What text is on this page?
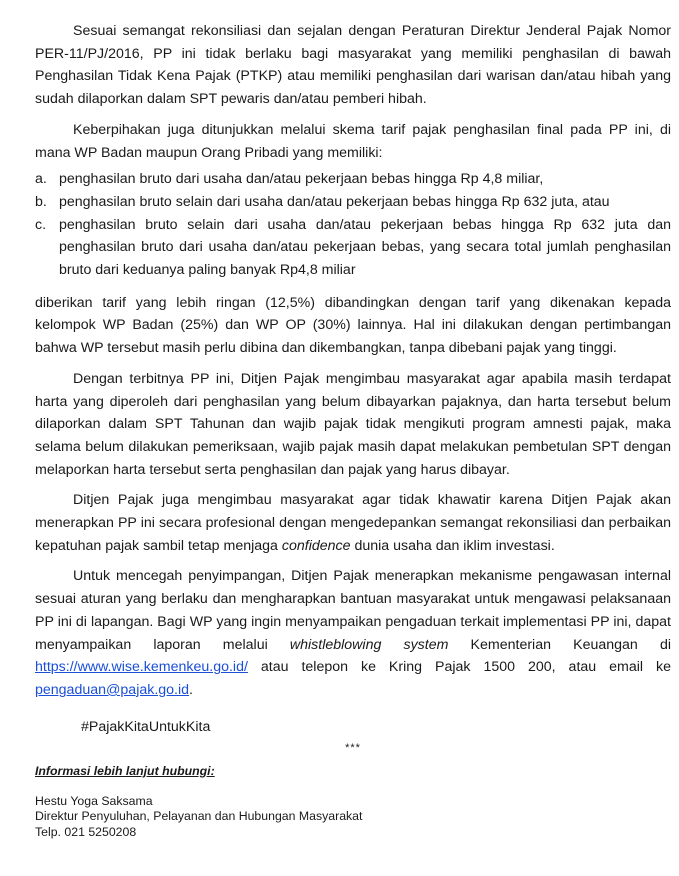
Sesuai semangat rekonsiliasi dan sejalan dengan Peraturan Direktur Jenderal Pajak Nomor PER-11/PJ/2016, PP ini tidak berlaku bagi masyarakat yang memiliki penghasilan di bawah Penghasilan Tidak Kena Pajak (PTKP) atau memiliki penghasilan dari warisan dan/atau hibah yang sudah dilaporkan dalam SPT pewaris dan/atau pemberi hibah.

Keberpihakan juga ditunjukkan melalui skema tarif pajak penghasilan final pada PP ini, di mana WP Badan maupun Orang Pribadi yang memiliki:

a. penghasilan bruto dari usaha dan/atau pekerjaan bebas hingga Rp 4,8 miliar,
b. penghasilan bruto selain dari usaha dan/atau pekerjaan bebas hingga Rp 632 juta, atau
c. penghasilan bruto selain dari usaha dan/atau pekerjaan bebas hingga Rp 632 juta dan penghasilan bruto dari usaha dan/atau pekerjaan bebas, yang secara total jumlah penghasilan bruto dari keduanya paling banyak Rp4,8 miliar

diberikan tarif yang lebih ringan (12,5%) dibandingkan dengan tarif yang dikenakan kepada kelompok WP Badan (25%) dan WP OP (30%) lainnya. Hal ini dilakukan dengan pertimbangan bahwa WP tersebut masih perlu dibina dan dikembangkan, tanpa dibebani pajak yang tinggi.

Dengan terbitnya PP ini, Ditjen Pajak mengimbau masyarakat agar apabila masih terdapat harta yang diperoleh dari penghasilan yang belum dibayarkan pajaknya, dan harta tersebut belum dilaporkan dalam SPT Tahunan dan wajib pajak tidak mengikuti program amnesti pajak, maka selama belum dilakukan pemeriksaan, wajib pajak masih dapat melakukan pembetulan SPT dengan melaporkan harta tersebut serta penghasilan dan pajak yang harus dibayar.

Ditjen Pajak juga mengimbau masyarakat agar tidak khawatir karena Ditjen Pajak akan menerapkan PP ini secara profesional dengan mengedepankan semangat rekonsiliasi dan perbaikan kepatuhan pajak sambil tetap menjaga confidence dunia usaha dan iklim investasi.

Untuk mencegah penyimpangan, Ditjen Pajak menerapkan mekanisme pengawasan internal sesuai aturan yang berlaku dan mengharapkan bantuan masyarakat untuk mengawasi pelaksanaan PP ini di lapangan. Bagi WP yang ingin menyampaikan pengaduan terkait implementasi PP ini, dapat menyampaikan laporan melalui whistleblowing system Kementerian Keuangan di https://www.wise.kemenkeu.go.id/ atau telepon ke Kring Pajak 1500 200, atau email ke pengaduan@pajak.go.id.

#PajakKitaUntukKita
***
Informasi lebih lanjut hubungi:
Hestu Yoga Saksama
Direktur Penyuluhan, Pelayanan dan Hubungan Masyarakat
Telp. 021 5250208
